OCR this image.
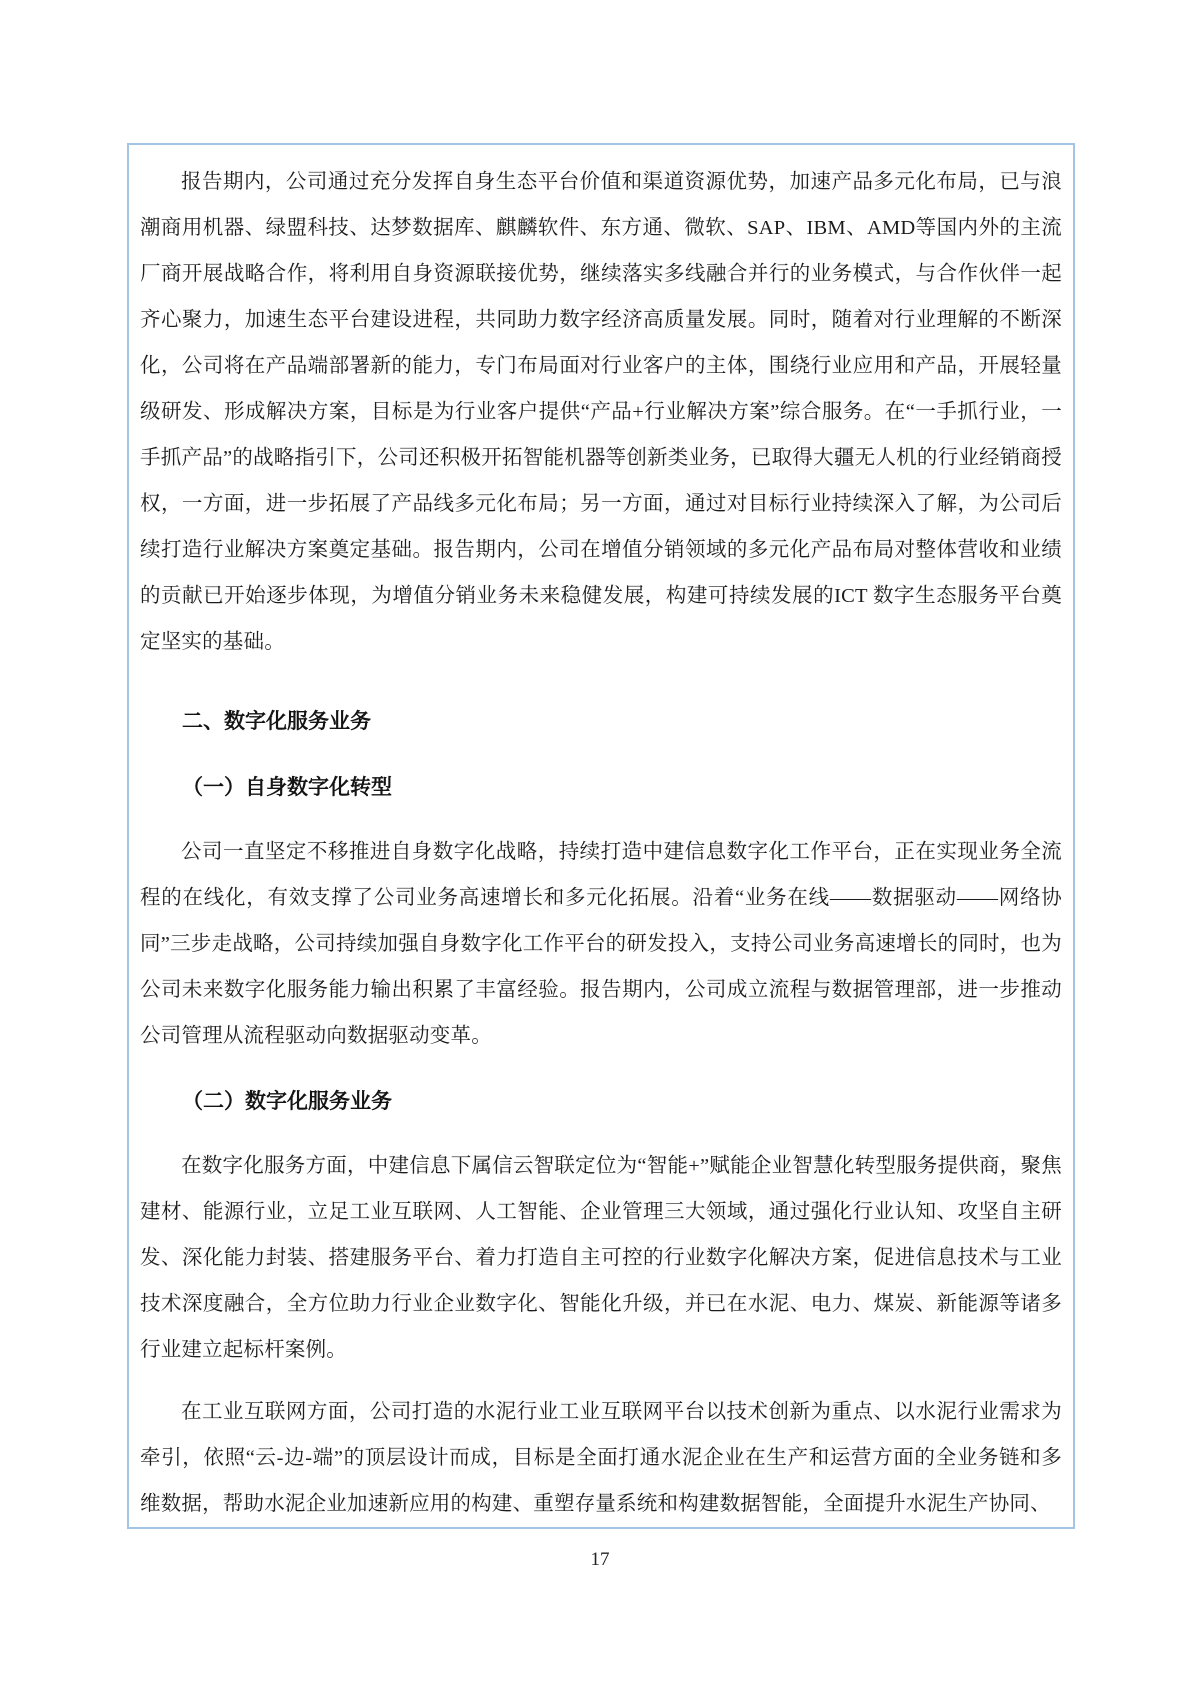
报告期内，公司通过充分发挥自身生态平台价值和渠道资源优势，加速产品多元化布局，已与浪潮商用机器、绿盟科技、达梦数据库、麒麟软件、东方通、微软、SAP、IBM、AMD等国内外的主流厂商开展战略合作，将利用自身资源联接优势，继续落实多线融合并行的业务模式，与合作伙伴一起齐心聚力，加速生态平台建设进程，共同助力数字经济高质量发展。同时，随着对行业理解的不断深化，公司将在产品端部署新的能力，专门布局面对行业客户的主体，围绕行业应用和产品，开展轻量级研发、形成解决方案，目标是为行业客户提供“产品+行业解决方案”综合服务。在“一手抓行业，一手抓产品”的战略指引下，公司还积极开拓智能机器等创新类业务，已取得大疆无人机的行业经销商授权，一方面，进一步拓展了产品线多元化布局；另一方面，通过对目标行业持续深入了解，为公司后续打造行业解决方案奠定基础。报告期内，公司在增值分销领域的多元化产品布局对整体营收和业绩的贡献已开始逐步体现，为增值分销业务未来稳健发展，构建可持续发展的ICT 数字生态服务平台奠定坚实的基础。

二、数字化服务业务
（一）自身数字化转型

公司一直坚定不移推进自身数字化战略，持续打造中建信息数字化工作平台，正在实现业务全流程的在线化，有效支撑了公司业务高速增长和多元化拓展。沿着“业务在线——数据驱动——网络协同”三步走战略，公司持续加强自身数字化工作平台的研发投入，支持公司业务高速增长的同时，也为公司未来数字化服务能力输出积累了丰富经验。报告期内，公司成立流程与数据管理部，进一步推动公司管理从流程驱动向数据驱动变革。

（二）数字化服务业务

在数字化服务方面，中建信息下属信云智联定位为“智能+”赋能企业智慧化转型服务提供商，聚焦建材、能源行业，立足工业互联网、人工智能、企业管理三大领域，通过强化行业认知、攻坚自主研发、深化能力封装、搭建服务平台、着力打造自主可控的行业数字化解决方案，促进信息技术与工业技术深度融合，全方位助力行业企业数字化、智能化升级，并已在水泥、电力、煤炭、新能源等诸多行业建立起标杆案例。

在工业互联网方面，公司打造的水泥行业工业互联网平台以技术创新为重点、以水泥行业需求为牵引，依照“云-边-端”的顶层设计而成，目标是全面打通水泥企业在生产和运营方面的全业务链和多维数据，帮助水泥企业加速新应用的构建、重塑存量系统和构建数据智能，全面提升水泥生产协同、

17
